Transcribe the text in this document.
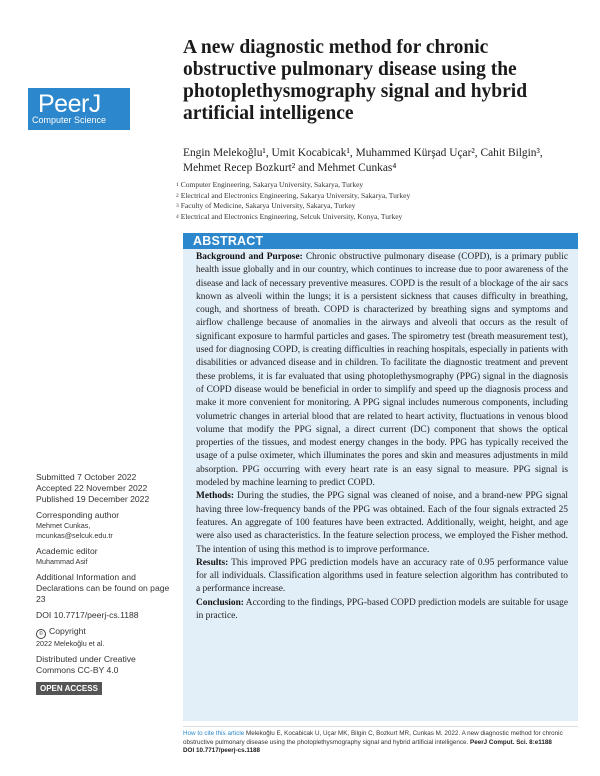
PeerJ
Computer Science
A new diagnostic method for chronic obstructive pulmonary disease using the photoplethysmography signal and hybrid artificial intelligence
Engin Melekoğlu¹, Umit Kocabicak¹, Muhammed Kürşad Uçar², Cahit Bilgin³, Mehmet Recep Bozkurt² and Mehmet Cunkas⁴
1 Computer Engineering, Sakarya University, Sakarya, Turkey
2 Electrical and Electronics Engineering, Sakarya University, Sakarya, Turkey
3 Faculty of Medicine, Sakarya University, Sakarya, Turkey
4 Electrical and Electronics Engineering, Selcuk University, Konya, Turkey
ABSTRACT

Background and Purpose: Chronic obstructive pulmonary disease (COPD), is a primary public health issue globally and in our country, which continues to increase due to poor awareness of the disease and lack of necessary preventive measures. COPD is the result of a blockage of the air sacs known as alveoli within the lungs; it is a persistent sickness that causes difficulty in breathing, cough, and shortness of breath. COPD is characterized by breathing signs and symptoms and airflow challenge because of anomalies in the airways and alveoli that occurs as the result of significant exposure to harmful particles and gases. The spirometry test (breath measurement test), used for diagnosing COPD, is creating difficulties in reaching hospitals, especially in patients with disabilities or advanced disease and in children. To facilitate the diagnostic treatment and prevent these problems, it is far evaluated that using photoplethysmography (PPG) signal in the diagnosis of COPD disease would be beneficial in order to simplify and speed up the diagnosis process and make it more convenient for monitoring. A PPG signal includes numerous components, including volumetric changes in arterial blood that are related to heart activity, fluctuations in venous blood volume that modify the PPG signal, a direct current (DC) component that shows the optical properties of the tissues, and modest energy changes in the body. PPG has typically received the usage of a pulse oximeter, which illuminates the pores and skin and measures adjustments in mild absorption. PPG occurring with every heart rate is an easy signal to measure. PPG signal is modeled by machine learning to predict COPD.

Methods: During the studies, the PPG signal was cleaned of noise, and a brand-new PPG signal having three low-frequency bands of the PPG was obtained. Each of the four signals extracted 25 features. An aggregate of 100 features have been extracted. Additionally, weight, height, and age were also used as characteristics. In the feature selection process, we employed the Fisher method. The intention of using this method is to improve performance.

Results: This improved PPG prediction models have an accuracy rate of 0.95 performance value for all individuals. Classification algorithms used in feature selection algorithm has contributed to a performance increase.

Conclusion: According to the findings, PPG-based COPD prediction models are suitable for usage in practice.

Submitted 7 October 2022
Accepted 22 November 2022
Published 19 December 2022
Corresponding author
Mehmet Cunkas,
mcunkas@selcuk.edu.tr
Academic editor
Muhammad Asif
Additional Information and Declarations can be found on page 23
DOI 10.7717/peerj-cs.1188
© Copyright
2022 Melekoğlu et al.
Distributed under Creative Commons CC-BY 4.0
OPEN ACCESS
How to cite this article Melekoğlu E, Kocabicak U, Uçar MK, Bilgin C, Bozkurt MR, Cunkas M. 2022. A new diagnostic method for chronic obstructive pulmonary disease using the photoplethysmography signal and hybrid artificial intelligence. PeerJ Comput. Sci. 8:e1188
DOI 10.7717/peerj-cs.1188
